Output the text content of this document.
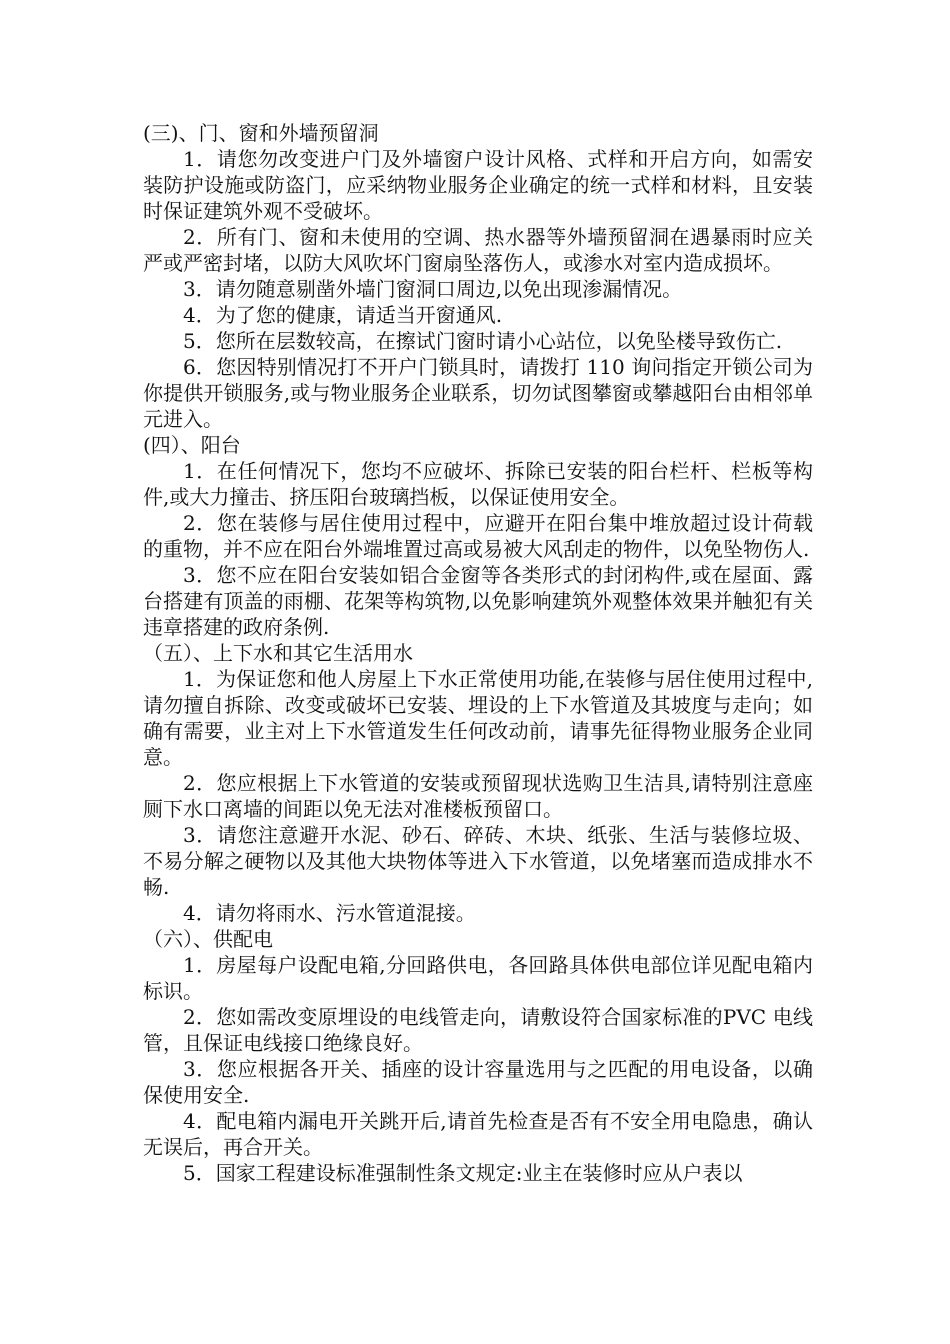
(三)、门、窗和外墙预留洞

1．请您勿改变进户门及外墙窗户设计风格、式样和开启方向，如需安装防护设施或防盗门，应采纳物业服务企业确定的统一式样和材料，且安装时保证建筑外观不受破坏。

2．所有门、窗和未使用的空调、热水器等外墙预留洞在遇暴雨时应关严或严密封堵，以防大风吹坏门窗扇坠落伤人，或渗水对室内造成损坏。

3．请勿随意剔凿外墙门窗洞口周边,以免出现渗漏情况。

4．为了您的健康，请适当开窗通风.

5．您所在层数较高，在擦试门窗时请小心站位，以免坠楼导致伤亡.

6．您因特别情况打不开户门锁具时，请拨打 110 询问指定开锁公司为你提供开锁服务,或与物业服务企业联系，切勿试图攀窗或攀越阳台由相邻单元进入。

(四）、阳台

1．在任何情况下，您均不应破坏、拆除已安装的阳台栏杆、栏板等构件,或大力撞击、挤压阳台玻璃挡板，以保证使用安全。

2．您在装修与居住使用过程中，应避开在阳台集中堆放超过设计荷载的重物，并不应在阳台外端堆置过高或易被大风刮走的物件，以免坠物伤人.

3．您不应在阳台安装如铝合金窗等各类形式的封闭构件,或在屋面、露台搭建有顶盖的雨棚、花架等构筑物,以免影响建筑外观整体效果并触犯有关违章搭建的政府条例.

（五）、上下水和其它生活用水

1．为保证您和他人房屋上下水正常使用功能,在装修与居住使用过程中,请勿擅自拆除、改变或破坏已安装、埋设的上下水管道及其坡度与走向；如确有需要，业主对上下水管道发生任何改动前，请事先征得物业服务企业同意。

2．您应根据上下水管道的安装或预留现状选购卫生洁具,请特别注意座厕下水口离墙的间距以免无法对准楼板预留口。

3．请您注意避开水泥、砂石、碎砖、木块、纸张、生活与装修垃圾、不易分解之硬物以及其他大块物体等进入下水管道，以免堵塞而造成排水不畅.

4．请勿将雨水、污水管道混接。

（六）、供配电

1．房屋每户设配电箱,分回路供电，各回路具体供电部位详见配电箱内标识。

2．您如需改变原埋设的电线管走向，请敷设符合国家标准的PVC 电线管，且保证电线接口绝缘良好。

3．您应根据各开关、插座的设计容量选用与之匹配的用电设备，以确保使用安全.

4．配电箱内漏电开关跳开后,请首先检查是否有不安全用电隐患，确认无误后，再合开关。

5．国家工程建设标准强制性条文规定:业主在装修时应从户表以
